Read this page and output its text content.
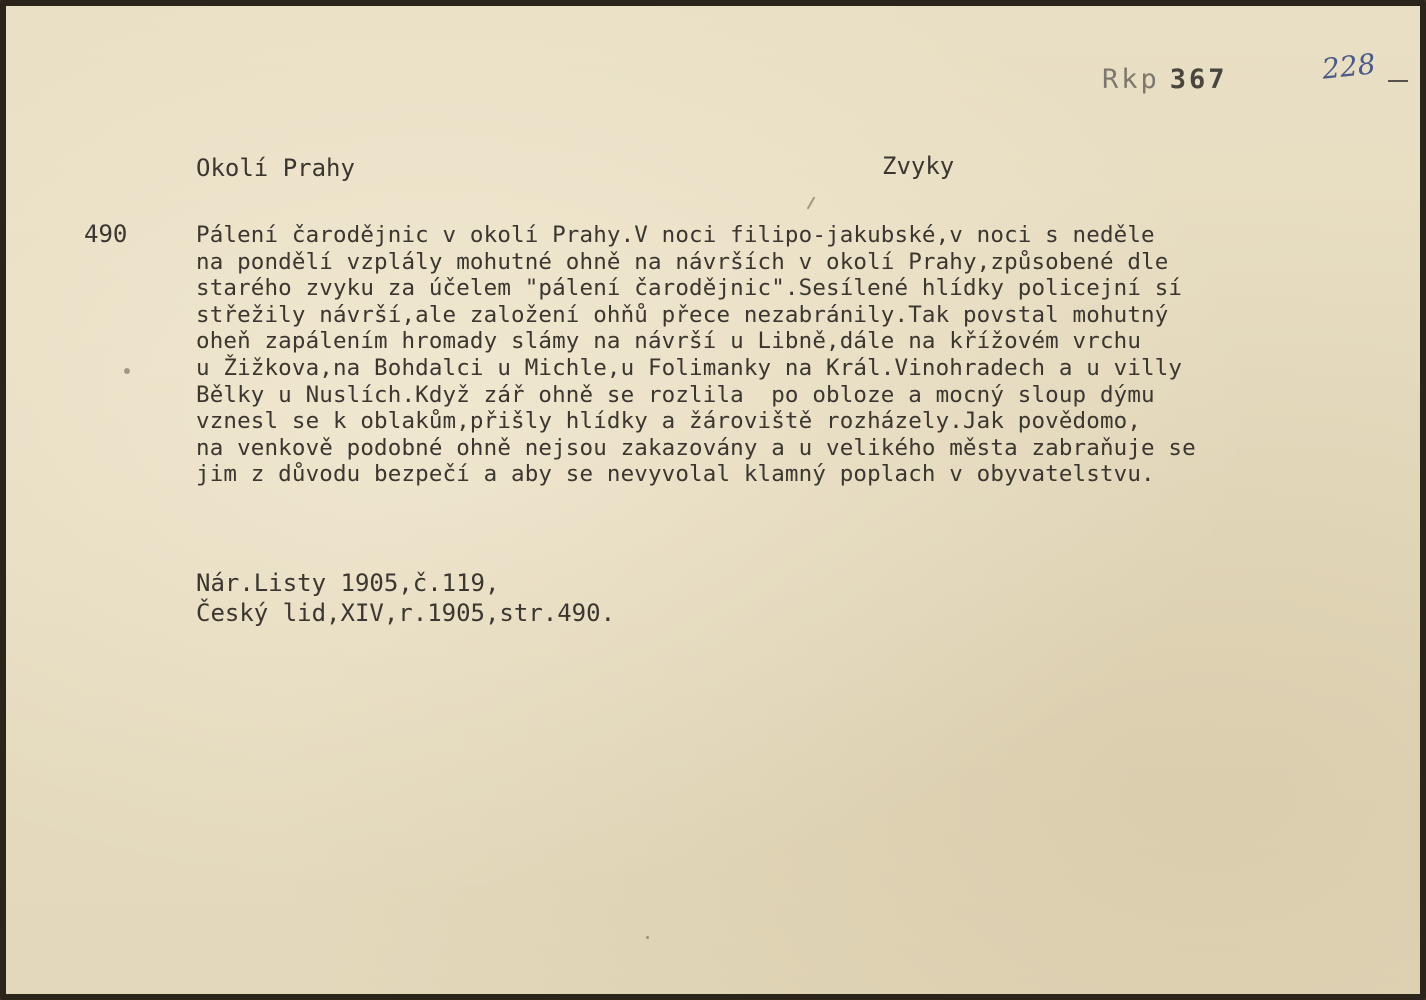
Rkp 367	228
Okolí Prahy	Zvyky
490	Pálení čarodějnic v okolí Prahy.V noci filipo-jakubské,v noci s neděle
na pondělí vzplály mohutné ohně na návrších v okolí Prahy,způsobené dle
starého zvyku za účelem "pálení čarodějnic".Sesílené hlídky policejní sí
střežily návrší,ale založení ohňů přece nezabránily.Tak povstal mohutný
oheň zapálením hromady slámy na návrší u Libně,dále na křížovém vrchu
u Žižkova,na Bohdalci u Michle,u Folimanky na Král.Vinohradech a u villy
Bělky u Nuslích.Když zář ohně se rozlila  po obloze a mocný sloup dýmu
vznesl se k oblakům,přišly hlídky a žároviště rozházely.Jak povědomo,
na venkově podobné ohně nejsou zakazovány a u velikého města zabraňuje se
jim z důvodu bezpečí a aby se nevyvolal klamný poplach v obyvatelstvu.
Nár.Listy 1905,č.119,
Český lid,XIV,r.1905,str.490.
